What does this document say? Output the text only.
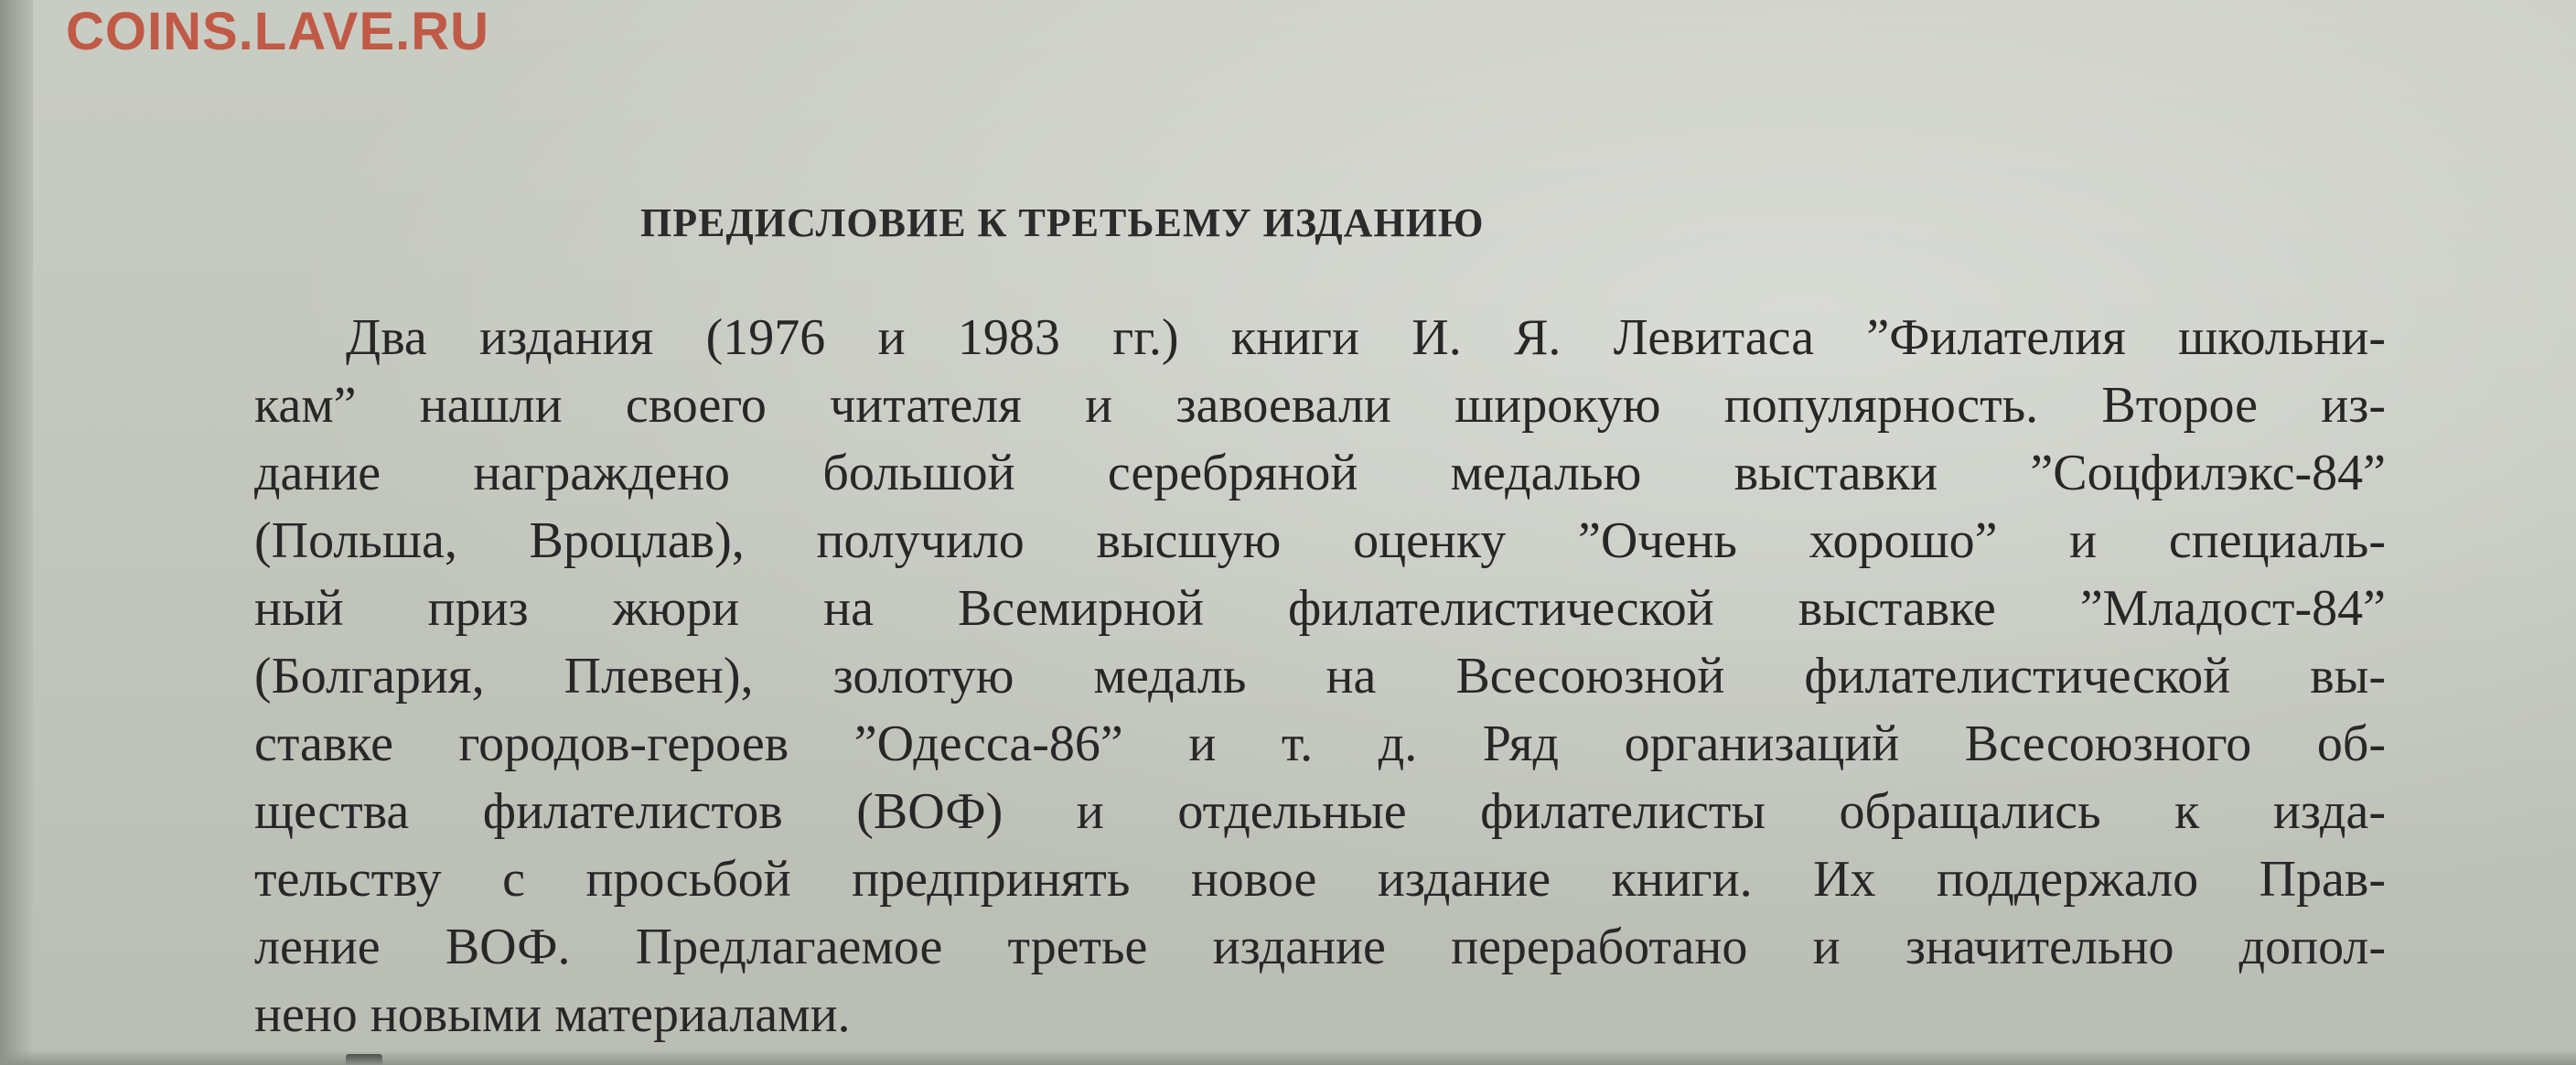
COINS.LAVE.RU
ПРЕДИСЛОВИЕ К ТРЕТЬЕМУ ИЗДАНИЮ
Два издания (1976 и 1983 гг.) книги И. Я. Левитаса ”Филателия школьни-
кам” нашли своего читателя и завоевали широкую популярность. Второе из-
дание награждено большой серебряной медалью выставки ”Соцфилэкс-84”
(Польша, Вроцлав), получило высшую оценку ”Очень хорошо” и специаль-
ный приз жюри на Всемирной филателистической выставке ”Младост-84”
(Болгария, Плевен), золотую медаль на Всесоюзной филателистической вы-
ставке городов-героев ”Одесса-86” и т. д. Ряд организаций Всесоюзного об-
щества филателистов (ВОФ) и отдельные филателисты обращались к изда-
тельству с просьбой предпринять новое издание книги. Их поддержало Прав-
ление ВОФ. Предлагаемое третье издание переработано и значительно допол-
нено новыми материалами.
